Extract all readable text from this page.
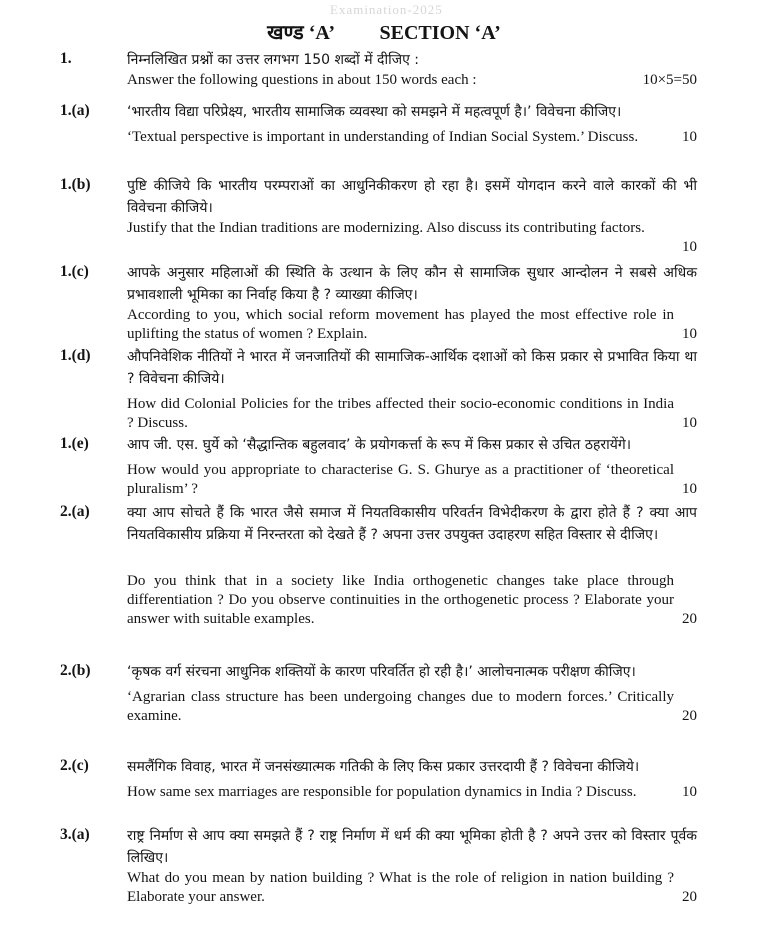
Examination-2025
खण्ड ‘A’ SECTION ‘A’
1.	निम्नलिखित प्रश्नों का उत्तर लगभग 150 शब्दों में दीजिए :

10×5=50
Answer the following questions in about 150 words each :

1.(a)	‘भारतीय विद्या परिप्रेक्ष्य, भारतीय सामाजिक व्यवस्था को समझने में महत्वपूर्ण है।’ विवेचना कीजिए।

10
‘Textual perspective is important in understanding of Indian Social System.’ Discuss.

1.(b)	पुष्टि कीजिये कि भारतीय परम्पराओं का आधुनिकीकरण हो रहा है। इसमें योगदान करने वाले कारकों की भी विवेचना कीजिये।

Justify that the Indian traditions are modernizing. Also discuss its contributing factors.

10
1.(c)	आपके अनुसार महिलाओं की स्थिति के उत्थान के लिए कौन से सामाजिक सुधार आन्दोलन ने सबसे अधिक प्रभावशाली भूमिका का निर्वाह किया है ? व्याख्या कीजिए।

10
According to you, which social reform movement has played the most effective role in uplifting the status of women ? Explain.

1.(d)	औपनिवेशिक नीतियों ने भारत में जनजातियों की सामाजिक-आर्थिक दशाओं को किस प्रकार से प्रभावित किया था ? विवेचना कीजिये।

10
How did Colonial Policies for the tribes affected their socio-economic conditions in India ? Discuss.

1.(e)	आप जी. एस. घुर्ये को ‘सैद्धान्तिक बहुलवाद’ के प्रयोगकर्त्ता के रूप में किस प्रकार से उचित ठहरायेंगे।

10
How would you appropriate to characterise G. S. Ghurye as a practitioner of ‘theoretical pluralism’ ?

2.(a)	क्या आप सोचते हैं कि भारत जैसे समाज में नियतविकासीय परिवर्तन विभेदीकरण के द्वारा होते हैं ? क्या आप नियतविकासीय प्रक्रिया में निरन्तरता को देखते हैं ? अपना उत्तर उपयुक्त उदाहरण सहित विस्तार से दीजिए।

20
Do you think that in a society like India orthogenetic changes take place through differentiation ? Do you observe continuities in the orthogenetic process ? Elaborate your answer with suitable examples.

2.(b)	‘कृषक वर्ग संरचना आधुनिक शक्तियों के कारण परिवर्तित हो रही है।’ आलोचनात्मक परीक्षण कीजिए।

20
‘Agrarian class structure has been undergoing changes due to modern forces.’ Critically examine.

2.(c)	समलैंगिक विवाह, भारत में जनसंख्यात्मक गतिकी के लिए किस प्रकार उत्तरदायी हैं ? विवेचना कीजिये।

10
How same sex marriages are responsible for population dynamics in India ? Discuss.

3.(a)	राष्ट्र निर्माण से आप क्या समझते हैं ? राष्ट्र निर्माण में धर्म की क्या भूमिका होती है ? अपने उत्तर को विस्तार पूर्वक लिखिए।

20
What do you mean by nation building ? What is the role of religion in nation building ? Elaborate your answer.
